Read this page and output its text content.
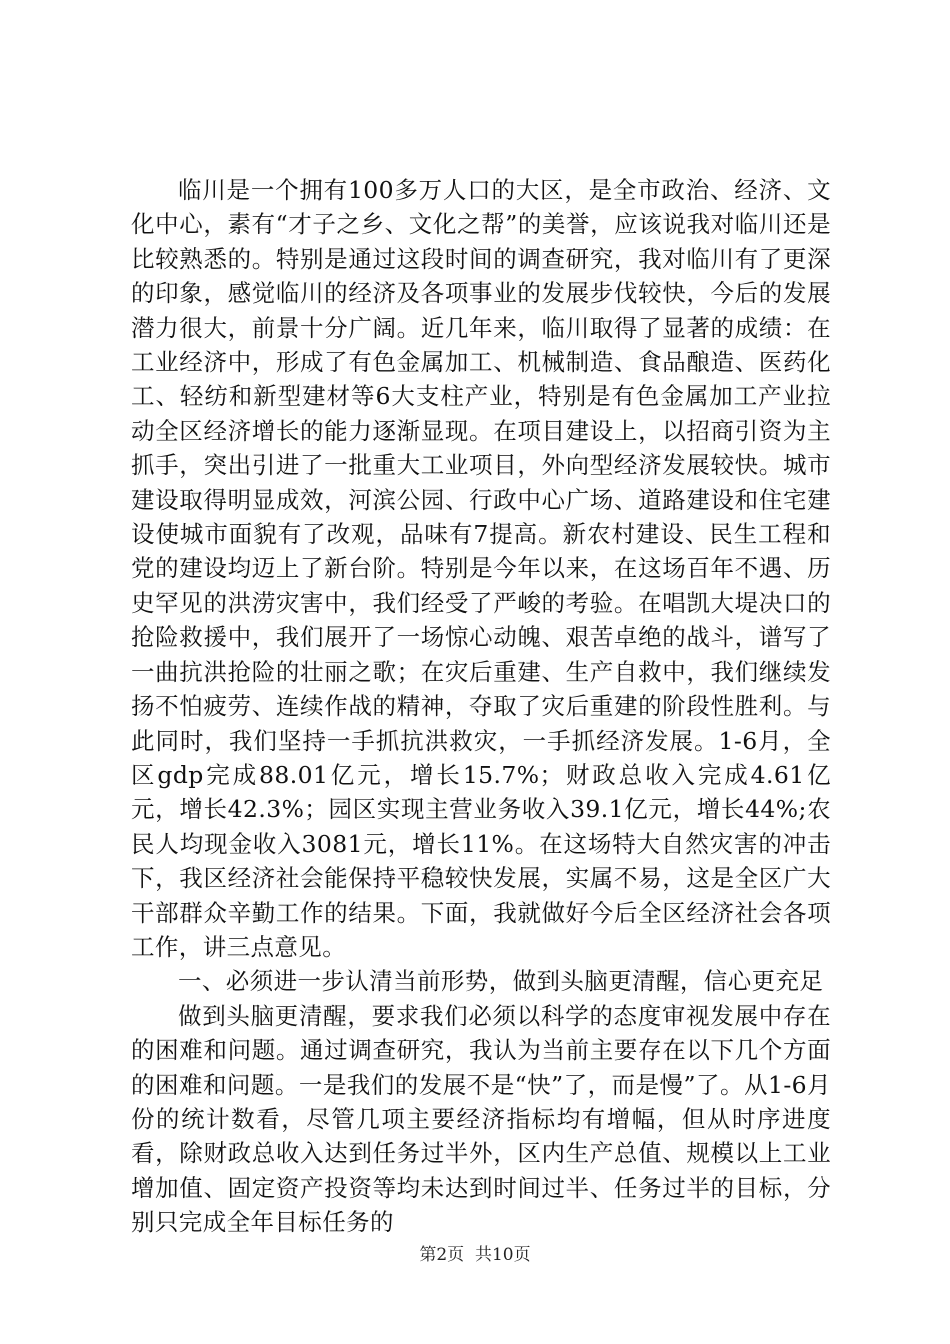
临川是一个拥有100多万人口的大区，是全市政治、经济、文化中心，素有“才子之乡、文化之帮”的美誉，应该说我对临川还是比较熟悉的。特别是通过这段时间的调查研究，我对临川有了更深的印象，感觉临川的经济及各项事业的发展步伐较快，今后的发展潜力很大，前景十分广阔。近几年来，临川取得了显著的成绩：在工业经济中，形成了有色金属加工、机械制造、食品酿造、医药化工、轻纺和新型建材等6大支柱产业，特别是有色金属加工产业拉动全区经济增长的能力逐渐显现。在项目建设上，以招商引资为主抓手，突出引进了一批重大工业项目，外向型经济发展较快。城市建设取得明显成效，河滨公园、行政中心广场、道路建设和住宅建设使城市面貌有了改观，品味有7提高。新农村建设、民生工程和党的建设均迈上了新台阶。特别是今年以来，在这场百年不遇、历史罕见的洪涝灾害中，我们经受了严峻的考验。在唱凯大堤决口的抢险救援中，我们展开了一场惊心动魄、艰苦卓绝的战斗，谱写了一曲抗洪抢险的壮丽之歌；在灾后重建、生产自救中，我们继续发扬不怕疲劳、连续作战的精神，夺取了灾后重建的阶段性胜利。与此同时，我们坚持一手抓抗洪救灾，一手抓经济发展。1-6月，全区gdp完成88.01亿元，增长15.7%；财政总收入完成4.61亿元，增长42.3%；园区实现主营业务收入39.1亿元，增长44%;农民人均现金收入3081元，增长11%。在这场特大自然灾害的冲击下，我区经济社会能保持平稳较快发展，实属不易，这是全区广大干部群众辛勤工作的结果。下面，我就做好今后全区经济社会各项工作，讲三点意见。

一、必须进一步认清当前形势，做到头脑更清醒，信心更充足

做到头脑更清醒，要求我们必须以科学的态度审视发展中存在的困难和问题。通过调查研究，我认为当前主要存在以下几个方面的困难和问题。一是我们的发展不是“快”了，而是慢”了。从1-6月份的统计数看，尽管几项主要经济指标均有增幅，但从时序进度看，除财政总收入达到任务过半外，区内生产总值、规模以上工业增加值、固定资产投资等均未达到时间过半、任务过半的目标，分别只完成全年目标任务的

第2页  共10页
